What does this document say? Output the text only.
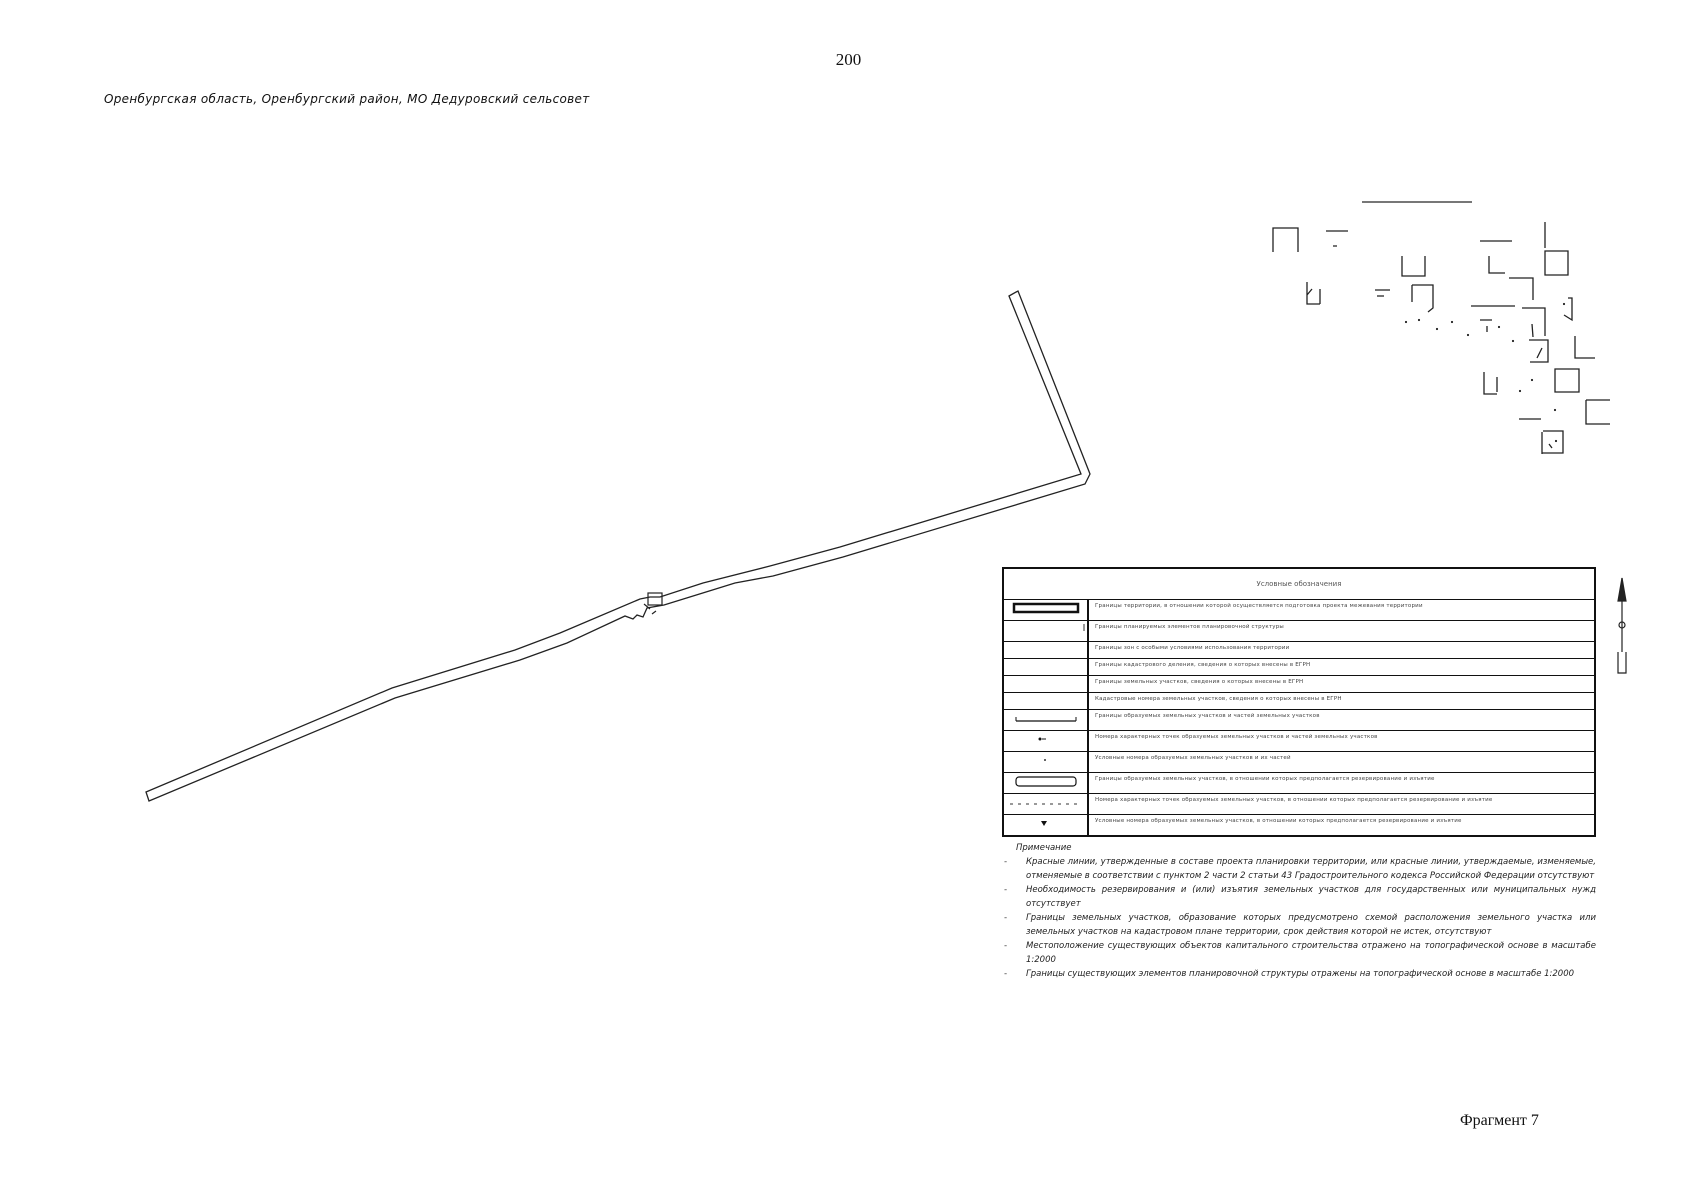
200
Оренбургская область, Оренбургский район, МО Дедуровский сельсовет
Условные обозначения
Границы территории, в отношении которой осуществляется подготовка проекта межевания территории
Границы планируемых элементов планировочной структуры
Границы зон с особыми условиями использования территории
Границы кадастрового деления, сведения о которых внесены в ЕГРН
Границы земельных участков, сведения о которых внесены в ЕГРН
Кадастровые номера земельных участков, сведения о которых внесены в ЕГРН
Границы образуемых земельных участков и частей земельных участков
Номера характерных точек образуемых земельных участков и частей земельных участков
Условные номера образуемых земельных участков и их частей
Границы образуемых земельных участков, в отношении которых предполагается резервирование и изъятие
Номера характерных точек образуемых земельных участков, в отношении которых предполагается резервирование и изъятие
Условные номера образуемых земельных участков, в отношении которых предполагается резервирование и изъятие
Примечание
- Красные линии, утвержденные в составе проекта планировки территории, или красные линии, утверждаемые, изменяемые, отменяемые в соответствии с пунктом 2 части 2 статьи 43 Градостроительного кодекса Российской Федерации отсутствуют
- Необходимость резервирования и (или) изъятия земельных участков для государственных или муниципальных нужд отсутствует
- Границы земельных участков, образование которых предусмотрено схемой расположения земельного участка или земельных участков на кадастровом плане территории, срок действия которой не истек, отсутствуют
- Местоположение существующих объектов капитального строительства отражено на топографической основе в масштабе 1:2000
- Границы существующих элементов планировочной структуры отражены на топографической основе в масштабе 1:2000
Фрагмент 7
